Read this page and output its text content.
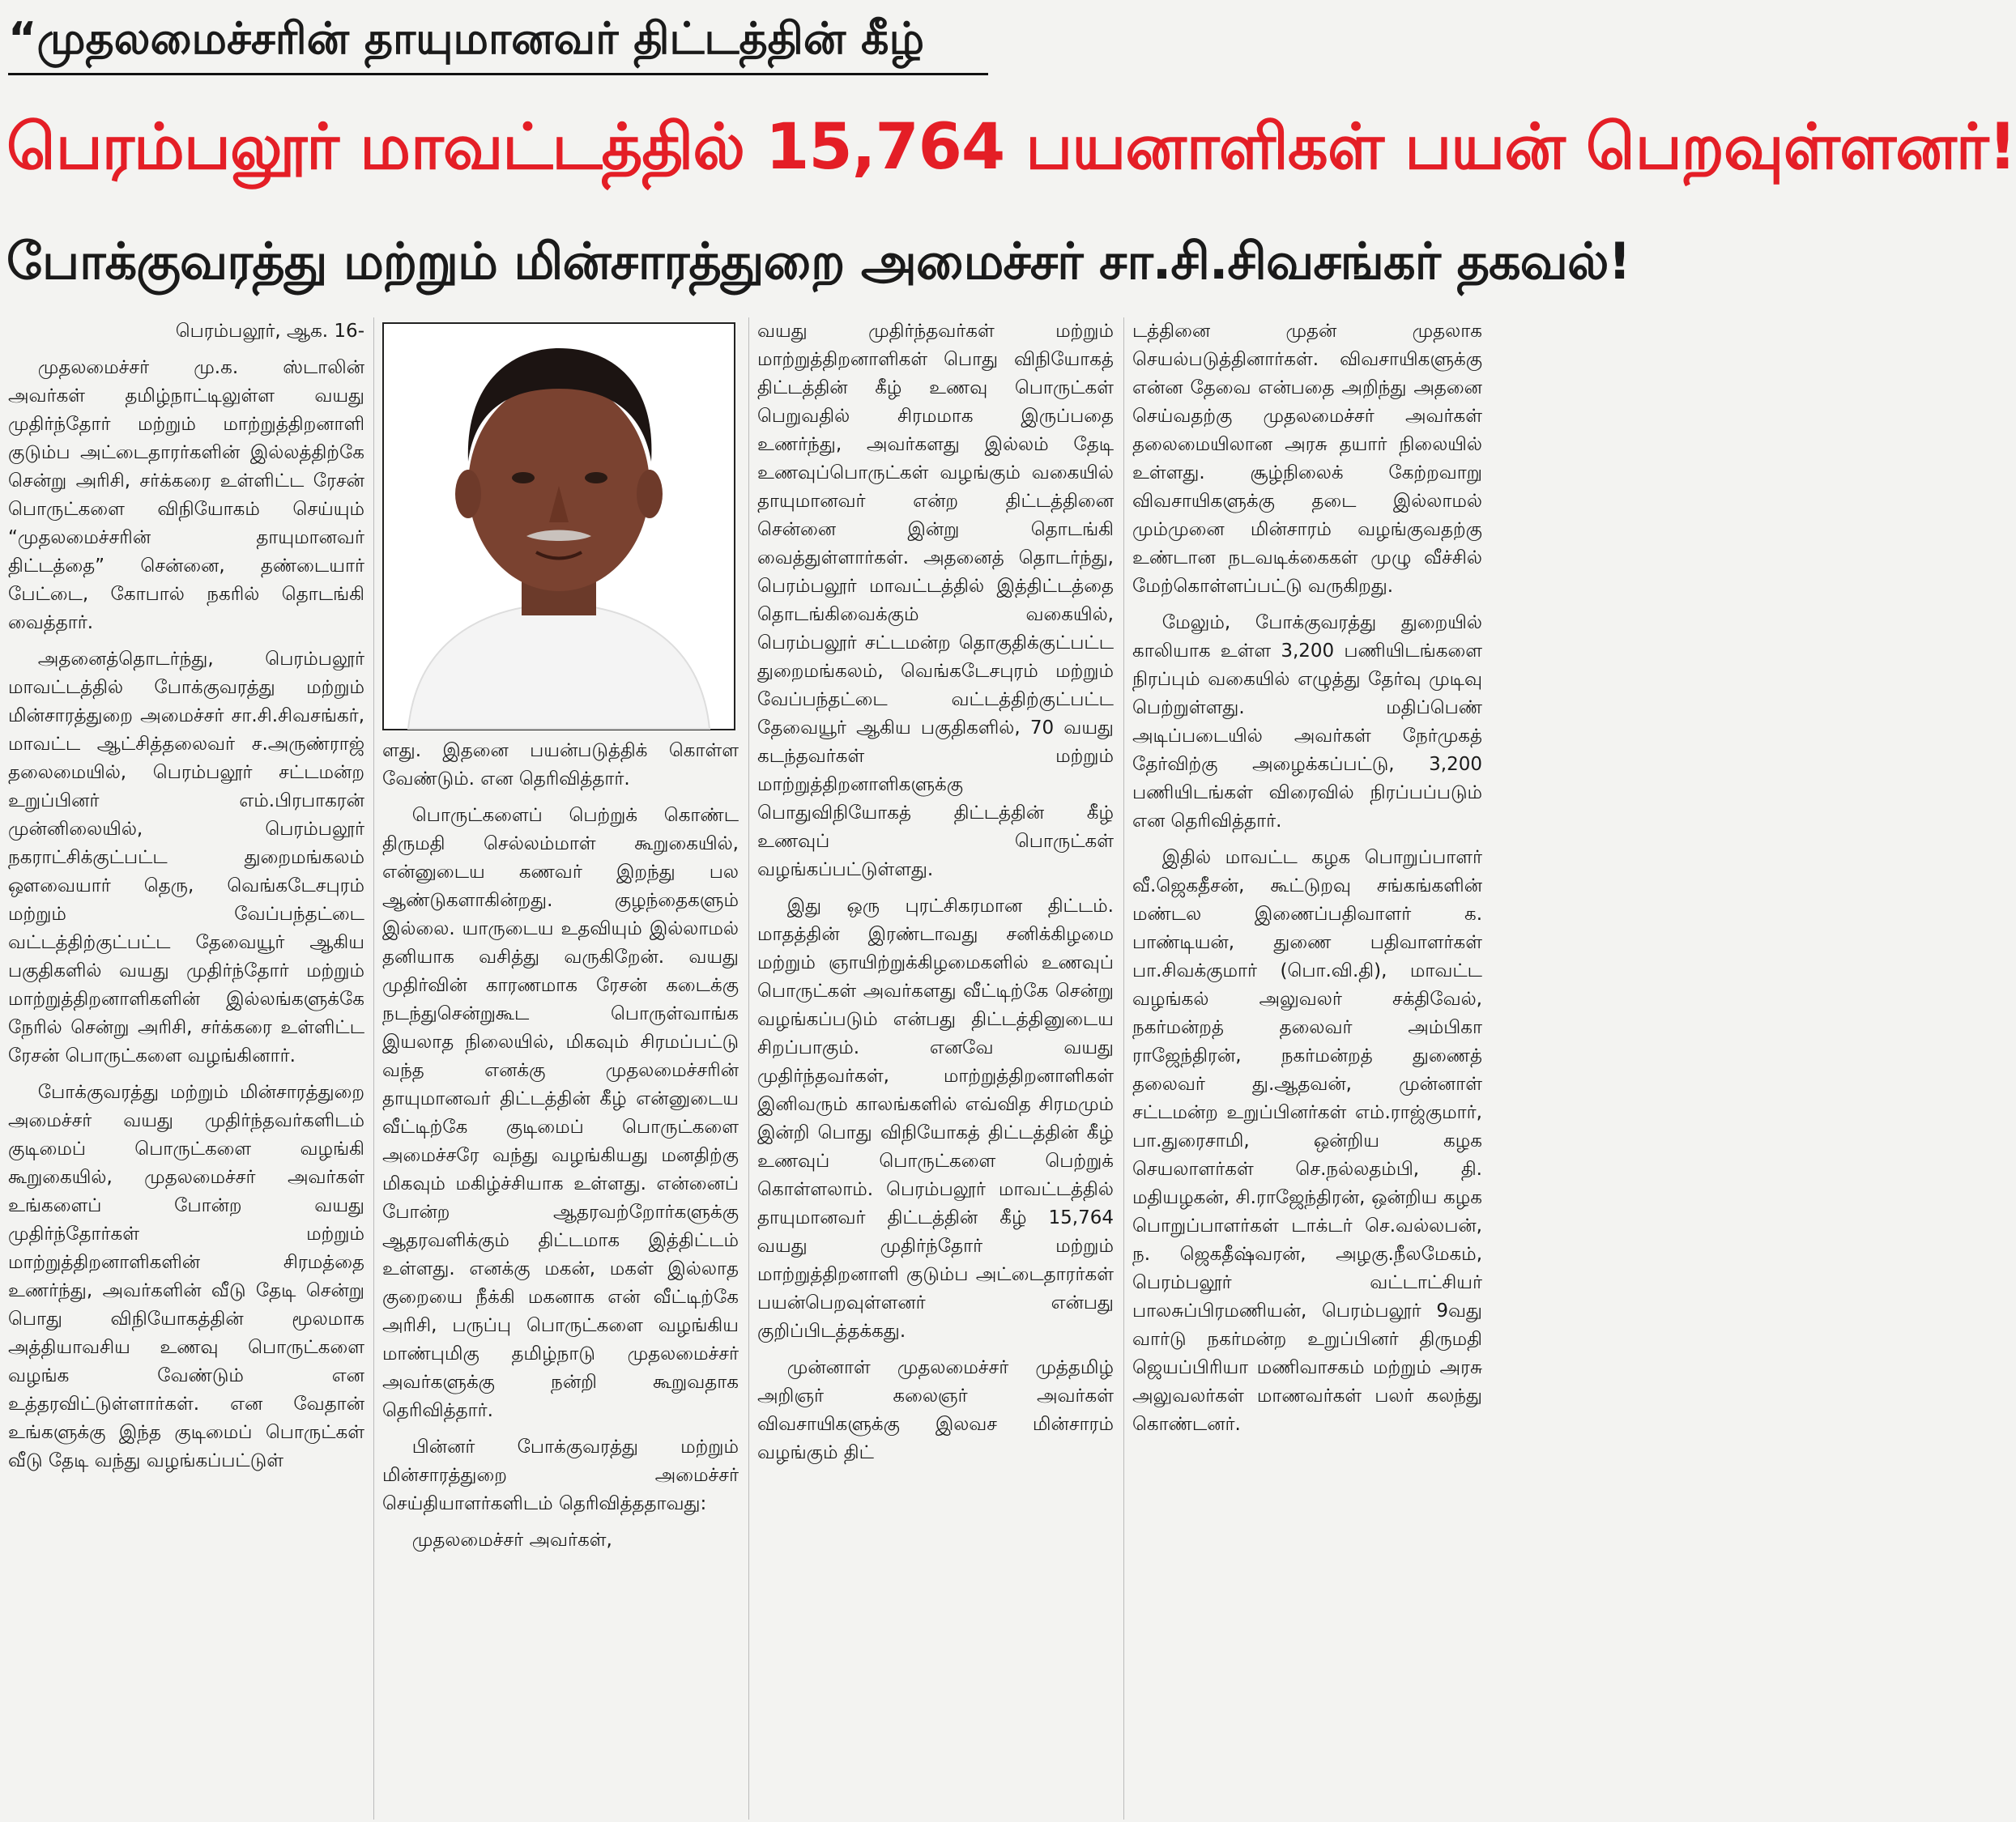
“முதலமைச்சரின் தாயுமானவர் திட்டத்தின் கீழ்
பெரம்பலூர் மாவட்டத்தில் 15,764 பயனாளிகள் பயன் பெறவுள்ளனர்!
போக்குவரத்து மற்றும் மின்சாரத்துறை அமைச்சர் சா.சி.சிவசங்கர் தகவல்!

பெரம்பலூர், ஆக. 16-

முதலமைச்சர் மு.க. ஸ்டாலின் அவர்கள் தமிழ்நாட்டிலுள்ள வயது முதிர்ந்தோர் மற்றும் மாற்றுத்திறனாளி குடும்ப அட்டைதாரர்களின் இல்லத்திற்கே சென்று அரிசி, சர்க்கரை உள்ளிட்ட ரேசன் பொருட்களை விநியோகம் செய்யும் “முதலமைச்சரின் தாயுமானவர் திட்டத்தை” சென்னை, தண்டையார் பேட்டை, கோபால் நகரில் தொடங்கி வைத்தார்.

அதனைத்தொடர்ந்து, பெரம்பலூர் மாவட்டத்தில் போக்குவரத்து மற்றும் மின்சாரத்துறை அமைச்சர் சா.சி.சிவசங்கர், மாவட்ட ஆட்சித்தலைவர் ச.அருண்ராஜ் தலைமையில், பெரம்பலூர் சட்டமன்ற உறுப்பினர் எம்.பிரபாகரன் முன்னிலையில், பெரம்பலூர் நகராட்சிக்குட்பட்ட துறைமங்கலம் ஔவையார் தெரு, வெங்கடேசபுரம் மற்றும் வேப்பந்தட்டை வட்டத்திற்குட்பட்ட தேவையூர் ஆகிய பகுதிகளில் வயது முதிர்ந்தோர் மற்றும் மாற்றுத்திறனாளிகளின் இல்லங்களுக்கே நேரில் சென்று அரிசி, சர்க்கரை உள்ளிட்ட ரேசன் பொருட்களை வழங்கினார்.

போக்குவரத்து மற்றும் மின்சாரத்துறை அமைச்சர் வயது முதிர்ந்தவர்களிடம் குடிமைப் பொருட்களை வழங்கி கூறுகையில், முதலமைச்சர் அவர்கள் உங்களைப் போன்ற வயது முதிர்ந்தோர்கள் மற்றும் மாற்றுத்திறனாளிகளின் சிரமத்தை உணர்ந்து, அவர்களின் வீடு தேடி சென்று பொது விநியோகத்தின் மூலமாக அத்தியாவசிய உணவு பொருட்களை வழங்க வேண்டும் என உத்தரவிட்டுள்ளார்கள். என வேதான் உங்களுக்கு இந்த குடிமைப் பொருட்கள் வீடு தேடி வந்து வழங்கப்பட்டுள்

ளது. இதனை பயன்படுத்திக் கொள்ள வேண்டும். என தெரிவித்தார்.

பொருட்களைப் பெற்றுக் கொண்ட திருமதி செல்லம்மாள் கூறுகையில், என்னுடைய கணவர் இறந்து பல ஆண்டுகளாகின்றது. குழந்தைகளும் இல்லை. யாருடைய உதவியும் இல்லாமல் தனியாக வசித்து வருகிறேன். வயது முதிர்வின் காரணமாக ரேசன் கடைக்கு நடந்துசென்றுகூட பொருள்வாங்க இயலாத நிலையில், மிகவும் சிரமப்பட்டு வந்த எனக்கு முதலமைச்சரின் தாயுமானவர் திட்டத்தின் கீழ் என்னுடைய வீட்டிற்கே குடிமைப் பொருட்களை அமைச்சரே வந்து வழங்கியது மனதிற்கு மிகவும் மகிழ்ச்சியாக உள்ளது. என்னைப் போன்ற ஆதரவற்றோர்களுக்கு ஆதரவளிக்கும் திட்டமாக இத்திட்டம் உள்ளது. எனக்கு மகன், மகள் இல்லாத குறையை நீக்கி மகனாக என் வீட்டிற்கே அரிசி, பருப்பு பொருட்களை வழங்கிய மாண்புமிகு தமிழ்நாடு முதலமைச்சர் அவர்களுக்கு நன்றி கூறுவதாக தெரிவித்தார்.

பின்னர் போக்குவரத்து மற்றும் மின்சாரத்துறை அமைச்சர் செய்தியாளர்களிடம் தெரிவித்ததாவது:

முதலமைச்சர் அவர்கள்,

வயது முதிர்ந்தவர்கள் மற்றும் மாற்றுத்திறனாளிகள் பொது விநியோகத் திட்டத்தின் கீழ் உணவு பொருட்கள் பெறுவதில் சிரமமாக இருப்பதை உணர்ந்து, அவர்களது இல்லம் தேடி உணவுப்பொருட்கள் வழங்கும் வகையில் தாயுமானவர் என்ற திட்டத்தினை சென்னை இன்று தொடங்கி வைத்துள்ளார்கள். அதனைத் தொடர்ந்து, பெரம்பலூர் மாவட்டத்தில் இத்திட்டத்தை தொடங்கிவைக்கும் வகையில், பெரம்பலூர் சட்டமன்ற தொகுதிக்குட்பட்ட துறைமங்கலம், வெங்கடேசபுரம் மற்றும் வேப்பந்தட்டை வட்டத்திற்குட்பட்ட தேவையூர் ஆகிய பகுதிகளில், 70 வயது கடந்தவர்கள் மற்றும் மாற்றுத்திறனாளிகளுக்கு பொதுவிநியோகத் திட்டத்தின் கீழ் உணவுப் பொருட்கள் வழங்கப்பட்டுள்ளது.

இது ஒரு புரட்சிகரமான திட்டம். மாதத்தின் இரண்டாவது சனிக்கிழமை மற்றும் ஞாயிற்றுக்கிழமைகளில் உணவுப் பொருட்கள் அவர்களது வீட்டிற்கே சென்று வழங்கப்படும் என்பது திட்டத்தினுடைய சிறப்பாகும். எனவே வயது முதிர்ந்தவர்கள், மாற்றுத்திறனாளிகள் இனிவரும் காலங்களில் எவ்வித சிரமமும் இன்றி பொது விநியோகத் திட்டத்தின் கீழ் உணவுப் பொருட்களை பெற்றுக் கொள்ளலாம். பெரம்பலூர் மாவட்டத்தில் தாயுமானவர் திட்டத்தின் கீழ் 15,764 வயது முதிர்ந்தோர் மற்றும் மாற்றுத்திறனாளி குடும்ப அட்டைதாரர்கள் பயன்பெறவுள்ளனர் என்பது குறிப்பிடத்தக்கது.

முன்னாள் முதலமைச்சர் முத்தமிழ் அறிஞர் கலைஞர் அவர்கள் விவசாயிகளுக்கு இலவச மின்சாரம் வழங்கும் திட்

டத்தினை முதன் முதலாக செயல்படுத்தினார்கள். விவசாயிகளுக்கு என்ன தேவை என்பதை அறிந்து அதனை செய்வதற்கு முதலமைச்சர் அவர்கள் தலைமையிலான அரசு தயார் நிலையில் உள்ளது. சூழ்நிலைக் கேற்றவாறு விவசாயிகளுக்கு தடை இல்லாமல் மும்முனை மின்சாரம் வழங்குவதற்கு உண்டான நடவடிக்கைகள் முழு வீச்சில் மேற்கொள்ளப்பட்டு வருகிறது.

மேலும், போக்குவரத்து துறையில் காலியாக உள்ள 3,200 பணியிடங்களை நிரப்பும் வகையில் எழுத்து தேர்வு முடிவு பெற்றுள்ளது. மதிப்பெண் அடிப்படையில் அவர்கள் நேர்முகத் தேர்விற்கு அழைக்கப்பட்டு, 3,200 பணியிடங்கள் விரைவில் நிரப்பப்படும் என தெரிவித்தார்.

இதில் மாவட்ட கழக பொறுப்பாளர் வீ.ஜெகதீசன், கூட்டுறவு சங்கங்களின் மண்டல இணைப்பதிவாளர் க. பாண்டியன், துணை பதிவாளர்கள் பா.சிவக்குமார் (பொ.வி.தி), மாவட்ட வழங்கல் அலுவலர் சக்திவேல், நகர்மன்றத் தலைவர் அம்பிகா ராஜேந்திரன், நகர்மன்றத் துணைத் தலைவர் து.ஆதவன், முன்னாள் சட்டமன்ற உறுப்பினர்கள் எம்.ராஜ்குமார், பா.துரைசாமி, ஒன்றிய கழக செயலாளர்கள் செ.நல்லதம்பி, தி. மதியழகன், சி.ராஜேந்திரன், ஒன்றிய கழக பொறுப்பாளர்கள் டாக்டர் செ.வல்லபன், ந. ஜெகதீஷ்வரன், அழகு.நீலமேகம், பெரம்பலூர் வட்டாட்சியர் பாலசுப்பிரமணியன், பெரம்பலூர் 9வது வார்டு நகர்மன்ற உறுப்பினர் திருமதி ஜெயப்பிரியா மணிவாசகம் மற்றும் அரசு அலுவலர்கள் மாணவர்கள் பலர் கலந்து கொண்டனர்.
